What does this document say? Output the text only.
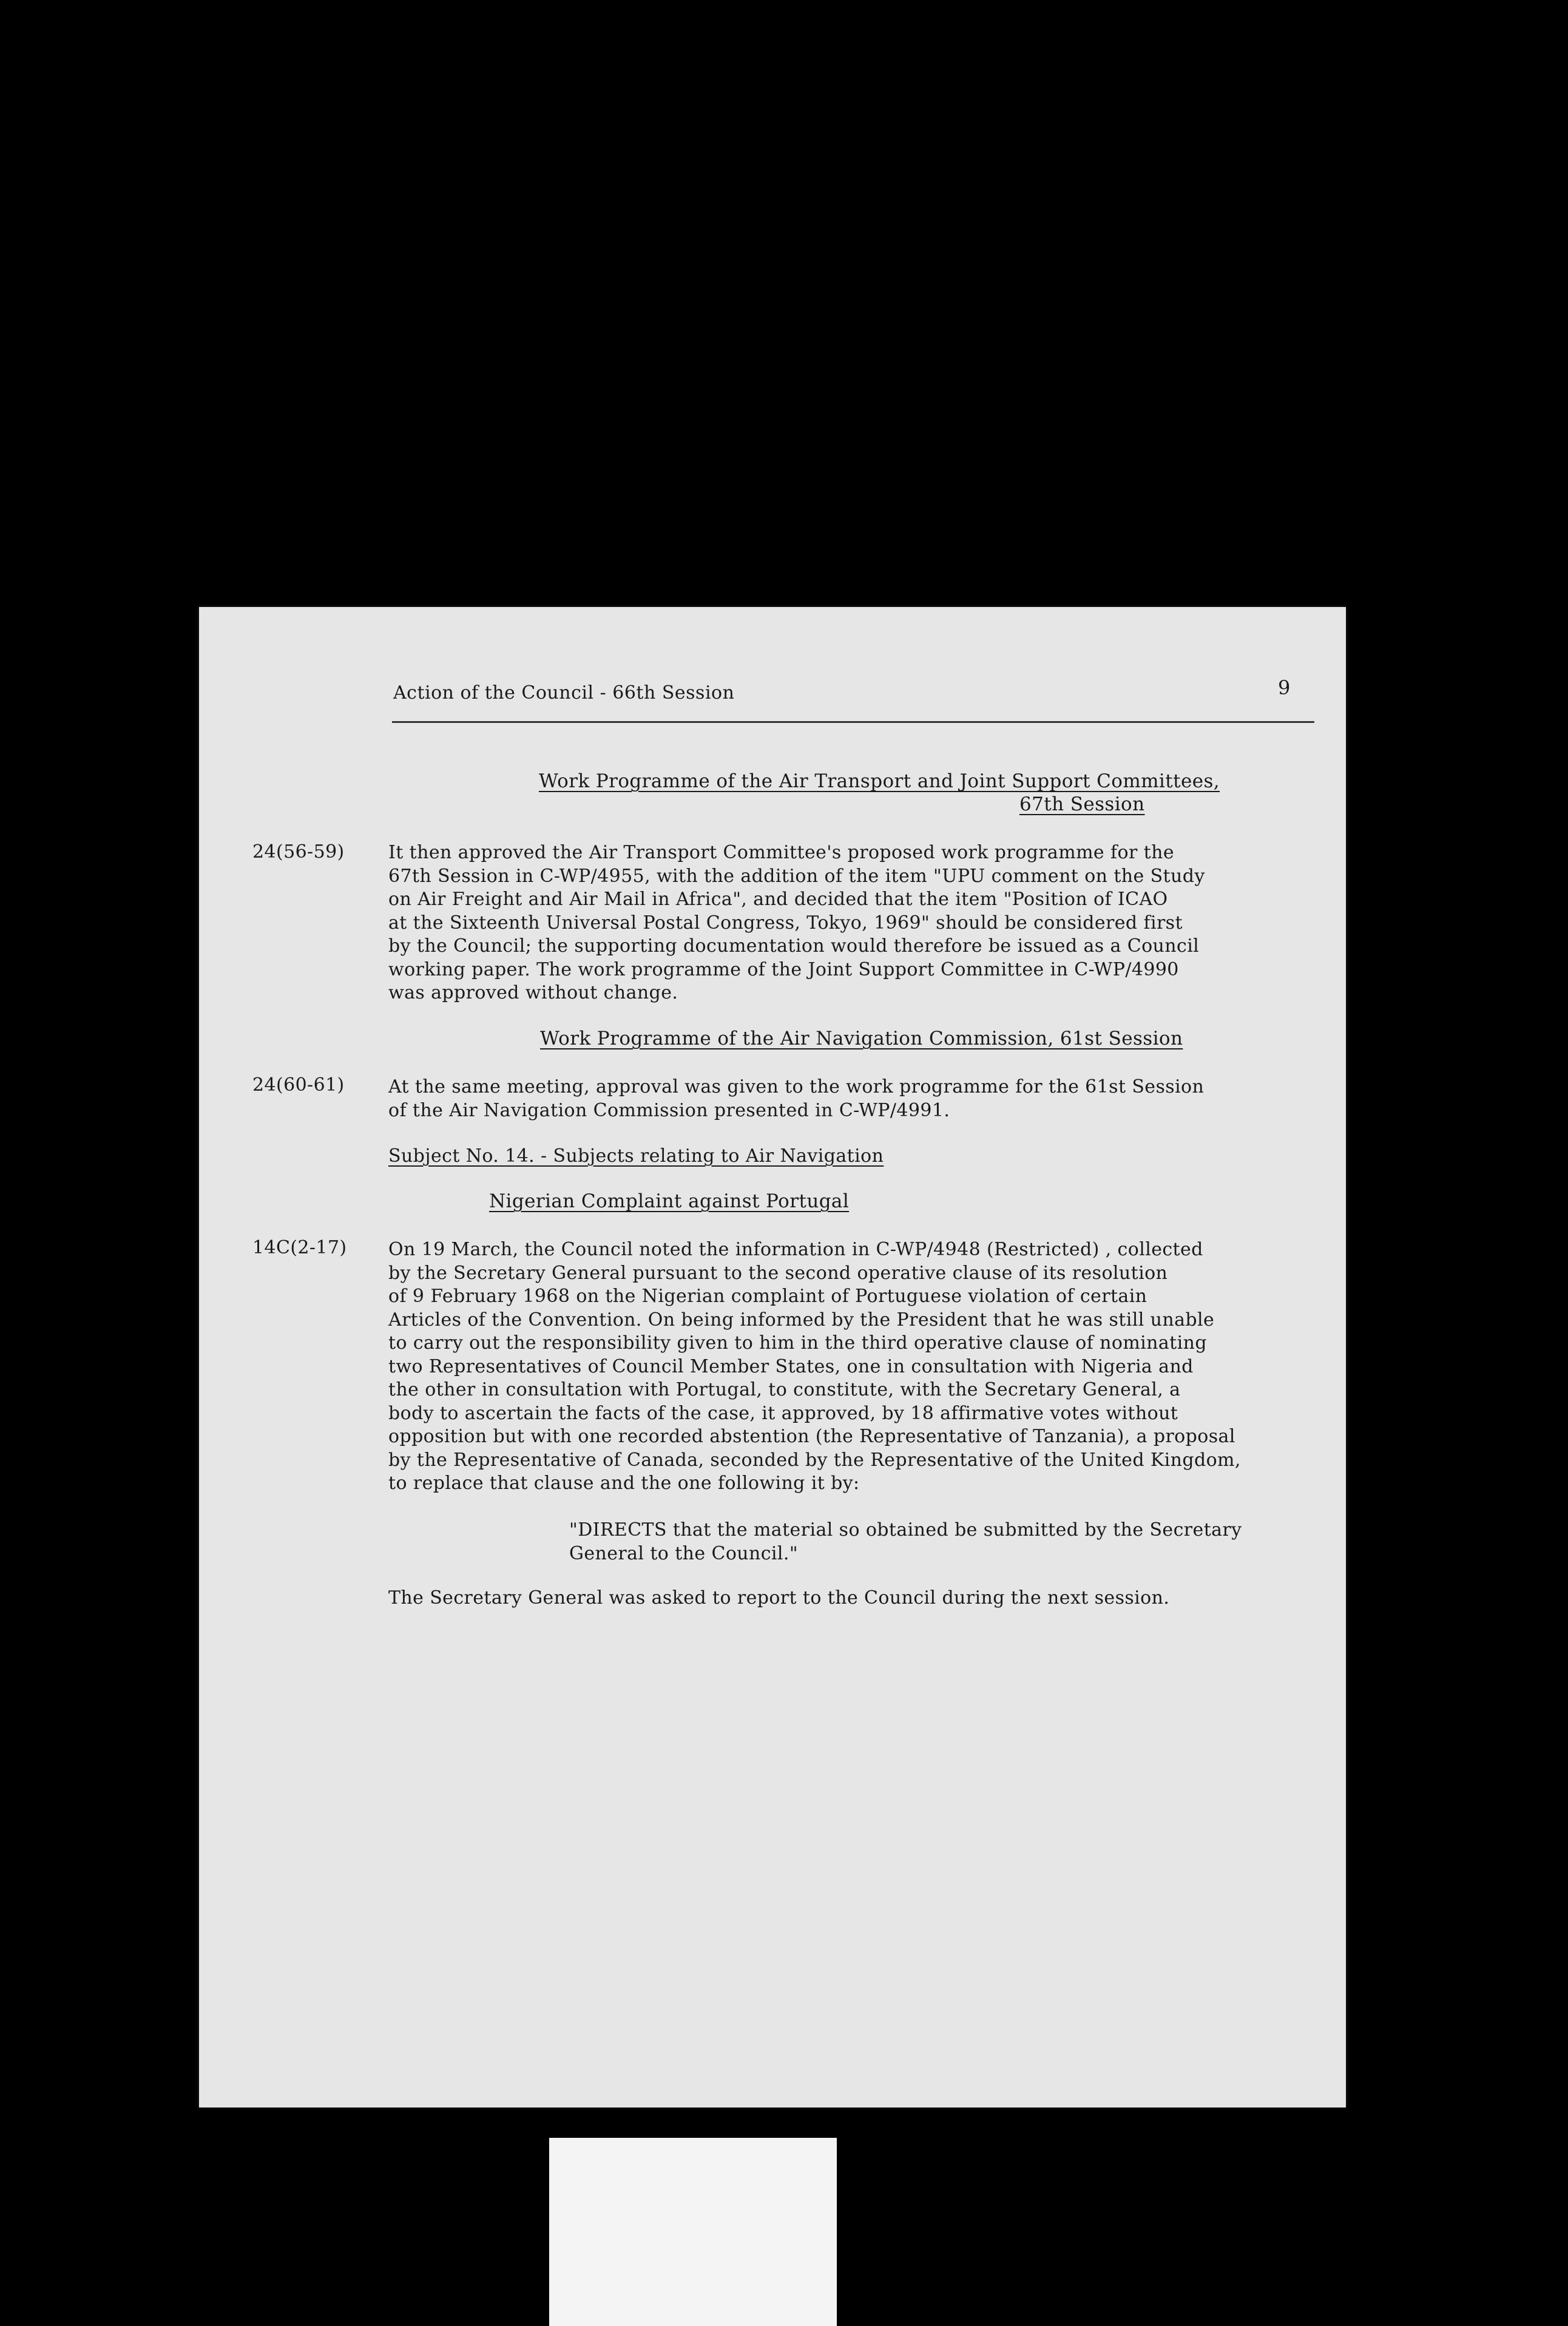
Action of the Council - 66th Session	9
Work Programme of the Air Transport and Joint Support Committees,
67th Session
24(56-59) It then approved the Air Transport Committee's proposed work programme for the
67th Session in C-WP/4955, with the addition of the item "UPU comment on the Study
on Air Freight and Air Mail in Africa", and decided that the item "Position of ICAO
at the Sixteenth Universal Postal Congress, Tokyo, 1969" should be considered first
by the Council; the supporting documentation would therefore be issued as a Council
working paper. The work programme of the Joint Support Committee in C-WP/4990
was approved without change.
Work Programme of the Air Navigation Commission, 61st Session
24(60-61) At the same meeting, approval was given to the work programme for the 61st Session
of the Air Navigation Commission presented in C-WP/4991.
Subject No. 14. - Subjects relating to Air Navigation
Nigerian Complaint against Portugal
14C(2-17) On 19 March, the Council noted the information in C-WP/4948 (Restricted) , collected
by the Secretary General pursuant to the second operative clause of its resolution
of 9 February 1968 on the Nigerian complaint of Portuguese violation of certain
Articles of the Convention. On being informed by the President that he was still unable
to carry out the responsibility given to him in the third operative clause of nominating
two Representatives of Council Member States, one in consultation with Nigeria and
the other in consultation with Portugal, to constitute, with the Secretary General, a
body to ascertain the facts of the case, it approved, by 18 affirmative votes without
opposition but with one recorded abstention (the Representative of Tanzania), a proposal
by the Representative of Canada, seconded by the Representative of the United Kingdom,
to replace that clause and the one following it by:
"DIRECTS that the material so obtained be submitted by the Secretary
General to the Council."
The Secretary General was asked to report to the Council during the next session.
